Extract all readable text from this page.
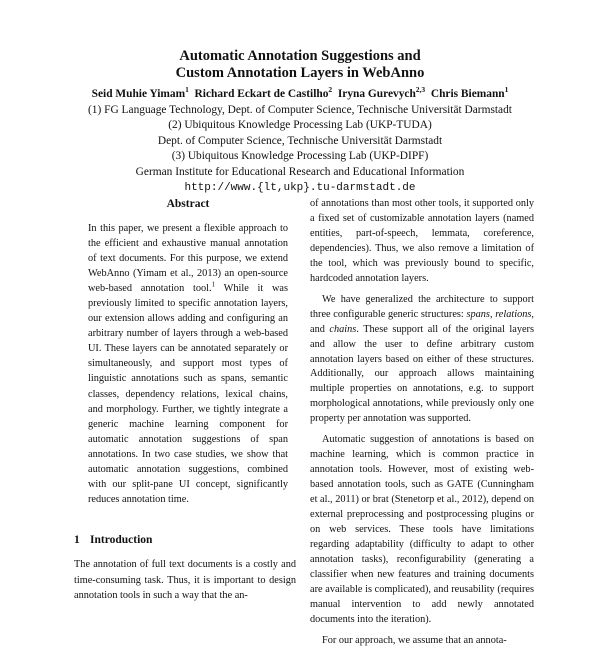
Automatic Annotation Suggestions and
Custom Annotation Layers in WebAnno
Seid Muhie Yimam$^1$ Richard Eckart de Castilho$^2$ Iryna Gurevych$^{2,3}$ Chris Biemann$^1$
(1) FG Language Technology, Dept. of Computer Science, Technische Universität Darmstadt
(2) Ubiquitous Knowledge Processing Lab (UKP-TUDA)
Dept. of Computer Science, Technische Universität Darmstadt
(3) Ubiquitous Knowledge Processing Lab (UKP-DIPF)
German Institute for Educational Research and Educational Information
http://www.{lt,ukp}.tu-darmstadt.de
Abstract
In this paper, we present a flexible approach to the efficient and exhaustive manual annotation of text documents. For this purpose, we extend WebAnno (Yimam et al., 2013) an open-source web-based annotation tool.$^1$ While it was previously limited to specific annotation layers, our extension allows adding and configuring an arbitrary number of layers through a web-based UI. These layers can be annotated separately or simultaneously, and support most types of linguistic annotations such as spans, semantic classes, dependency relations, lexical chains, and morphology. Further, we tightly integrate a generic machine learning component for automatic annotation suggestions of span annotations. In two case studies, we show that automatic annotation suggestions, combined with our split-pane UI concept, significantly reduces annotation time.
1 Introduction
The annotation of full text documents is a costly and time-consuming task. Thus, it is important to design annotation tools in such a way that the an-

of annotations than most other tools, it supported only a fixed set of customizable annotation layers (named entities, part-of-speech, lemmata, coreference, dependencies). Thus, we also remove a limitation of the tool, which was previously bound to specific, hardcoded annotation layers.

We have generalized the architecture to support three configurable generic structures: spans, relations, and chains. These support all of the original layers and allow the user to define arbitrary custom annotation layers based on either of these structures. Additionally, our approach allows maintaining multiple properties on annotations, e.g. to support morphological annotations, while previously only one property per annotation was supported.

Automatic suggestion of annotations is based on machine learning, which is common practice in annotation tools. However, most of existing web-based annotation tools, such as GATE (Cunningham et al., 2011) or brat (Stenetorp et al., 2012), depend on external preprocessing and postprocessing plugins or on web services. These tools have limitations regarding adaptability (difficulty to adapt to other annotation tasks), reconfigurability (generating a classifier when new features and training documents are available is complicated), and reusability (requires manual intervention to add newly annotated documents into the iteration).

For our approach, we assume that an annota-
